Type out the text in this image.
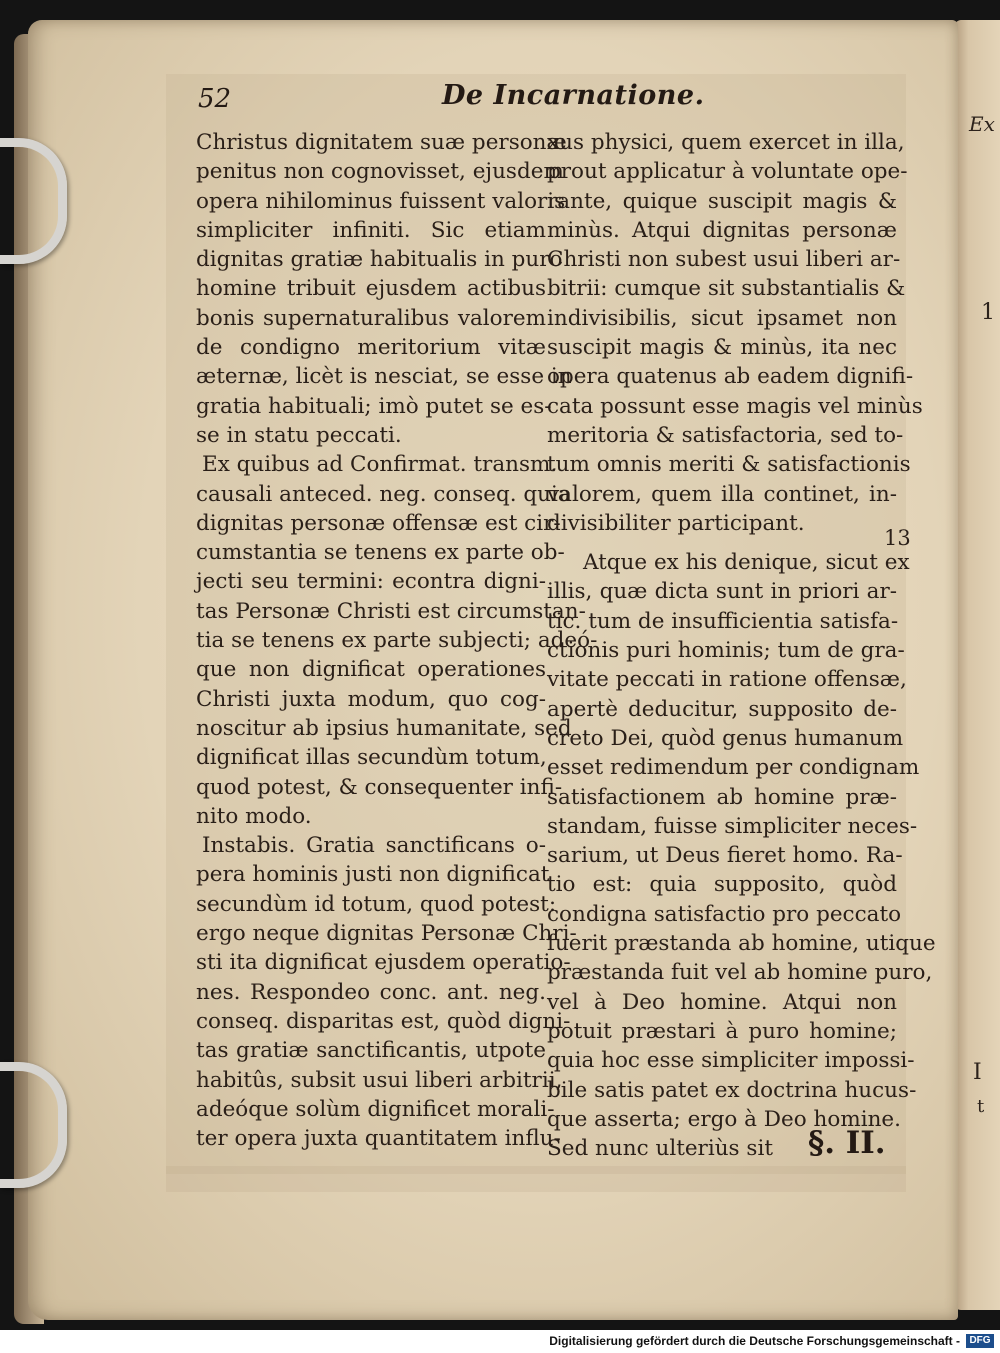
Ex
1
I
t
52	De Incarnatione.
Christus dignitatem suæ personæ
penitus non cognovisset, ejusdem
opera nihilominus fuissent valoris
simpliciter infiniti. Sic etiam
dignitas gratiæ habitualis in puro
homine tribuit ejusdem actibus
bonis supernaturalibus valorem
de condigno meritorium vitæ
æternæ, licèt is nesciat, se esse in
gratia habituali; imò putet se es-
se in statu peccati.
Ex quibus ad Confirmat. transm.
causali anteced. neg. conseq. quia
dignitas personæ offensæ est cir-
cumstantia se tenens ex parte ob-
jecti seu termini: econtra digni-
tas Personæ Christi est circumstan-
tia se tenens ex parte subjecti; adeó-
que non dignificat operationes
Christi juxta modum, quo cog-
noscitur ab ipsius humanitate, sed
dignificat illas secundùm totum,
quod potest, & consequenter infi-
nito modo.
Instabis. Gratia sanctificans o-
pera hominis justi non dignificat
secundùm id totum, quod potest:
ergo neque dignitas Personæ Chri-
sti ita dignificat ejusdem operatio-
nes. Respondeo conc. ant. neg.
conseq. disparitas est, quòd digni-
tas gratiæ sanctificantis, utpote
habitûs, subsit usui liberi arbitrii,
adeóque solùm dignificet morali-
ter opera juxta quantitatem influ-
xus physici, quem exercet in illa,
prout applicatur à voluntate ope-
rante, quique suscipit magis &
minùs. Atqui dignitas personæ
Christi non subest usui liberi ar-
bitrii: cumque sit substantialis &
indivisibilis, sicut ipsamet non
suscipit magis & minùs, ita nec
opera quatenus ab eadem dignifi-
cata possunt esse magis vel minùs
meritoria & satisfactoria, sed to-
tum omnis meriti & satisfactionis
valorem, quem illa continet, in-
divisibiliter participant.
Atque ex his denique, sicut ex
illis, quæ dicta sunt in priori ar-
tic. tum de insufficientia satisfa-
ctionis puri hominis; tum de gra-
vitate peccati in ratione offensæ,
apertè deducitur, supposito de-
creto Dei, quòd genus humanum
esset redimendum per condignam
satisfactionem ab homine præ-
standam, fuisse simpliciter neces-
sarium, ut Deus fieret homo. Ra-
tio est: quia supposito, quòd
condigna satisfactio pro peccato
fuerit præstanda ab homine, utique
præstanda fuit vel ab homine puro,
vel à Deo homine. Atqui non
potuit præstari à puro homine;
quia hoc esse simpliciter impossi-
bile satis patet ex doctrina hucus-
que asserta; ergo à Deo homine.
Sed nunc ulteriùs sit
13
§. II.
Digitalisierung gefördert durch die Deutsche Forschungsgemeinschaft - DFG
